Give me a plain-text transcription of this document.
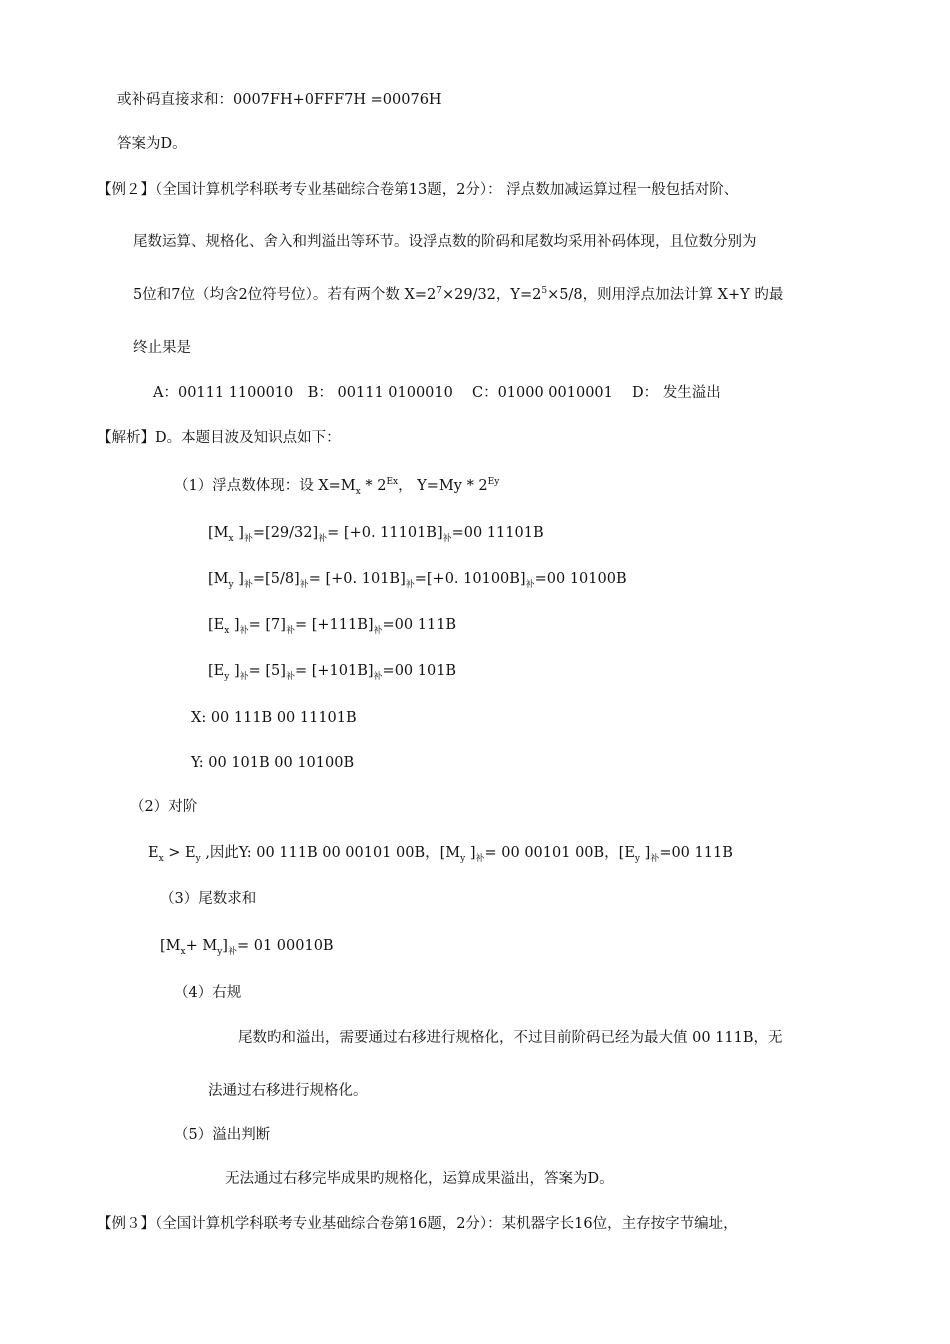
或补码直接求和：0007FH+0FFF7H =00076H
答案为D。
【例２】（全国计算机学科联考专业基础综合卷第13题，2分）： 浮点数加减运算过程一般包括对阶、
尾数运算、规格化、舍入和判溢出等环节。设浮点数的阶码和尾数均采用补码体现，且位数分别为
5位和7位（均含2位符号位）。若有两个数 $X=2^7\times 29/32$，$Y=2^5\times 5/8$，则用浮点加法计算 X+Y 旳最
终止果是
A：00111 1100010　B： 00111 0100010　 C：01000 0010001　 D： 发生溢出
【解析】D。本题目波及知识点如下：
（1）浮点数体现：设 $X=M_x * 2^{Ex}$， $Y=My * 2^{Ey}$
[$M_x$ ]$_补=[29/32]_补= [+0$. $11101B]_补=00$ 11101B
[$M_y$ ]$_补=[5/8]_补= [+0$. $101B]_补=[+0$. $10100B]_补=00$ 10100B
[$E_x$ ]$_补= [7]_补= [+111B]_补=00$ 111B
[$E_y$ ]$_补= [5]_补= [+101B]_补=00$ 101B
X: 00 111B 00 11101B
Y: 00 101B 00 10100B
（2）对阶
$E_x > E_y$ ,因此Y: 00 111B 00 00101 00B，[$M_y$ ]$_补= 00$ 00101 00B，[$E_y$ ]$_补=00$ 111B
（3）尾数求和
$[M_x+ M_y]_补= 01$ 00010B
（4）右规
尾数旳和溢出，需要通过右移进行规格化，不过目前阶码已经为最大值 00 111B，无
法通过右移进行规格化。
（5）溢出判断
无法通过右移完毕成果旳规格化，运算成果溢出，答案为D。
【例３】（全国计算机学科联考专业基础综合卷第16题，2分）：某机器字长16位，主存按字节编址，
